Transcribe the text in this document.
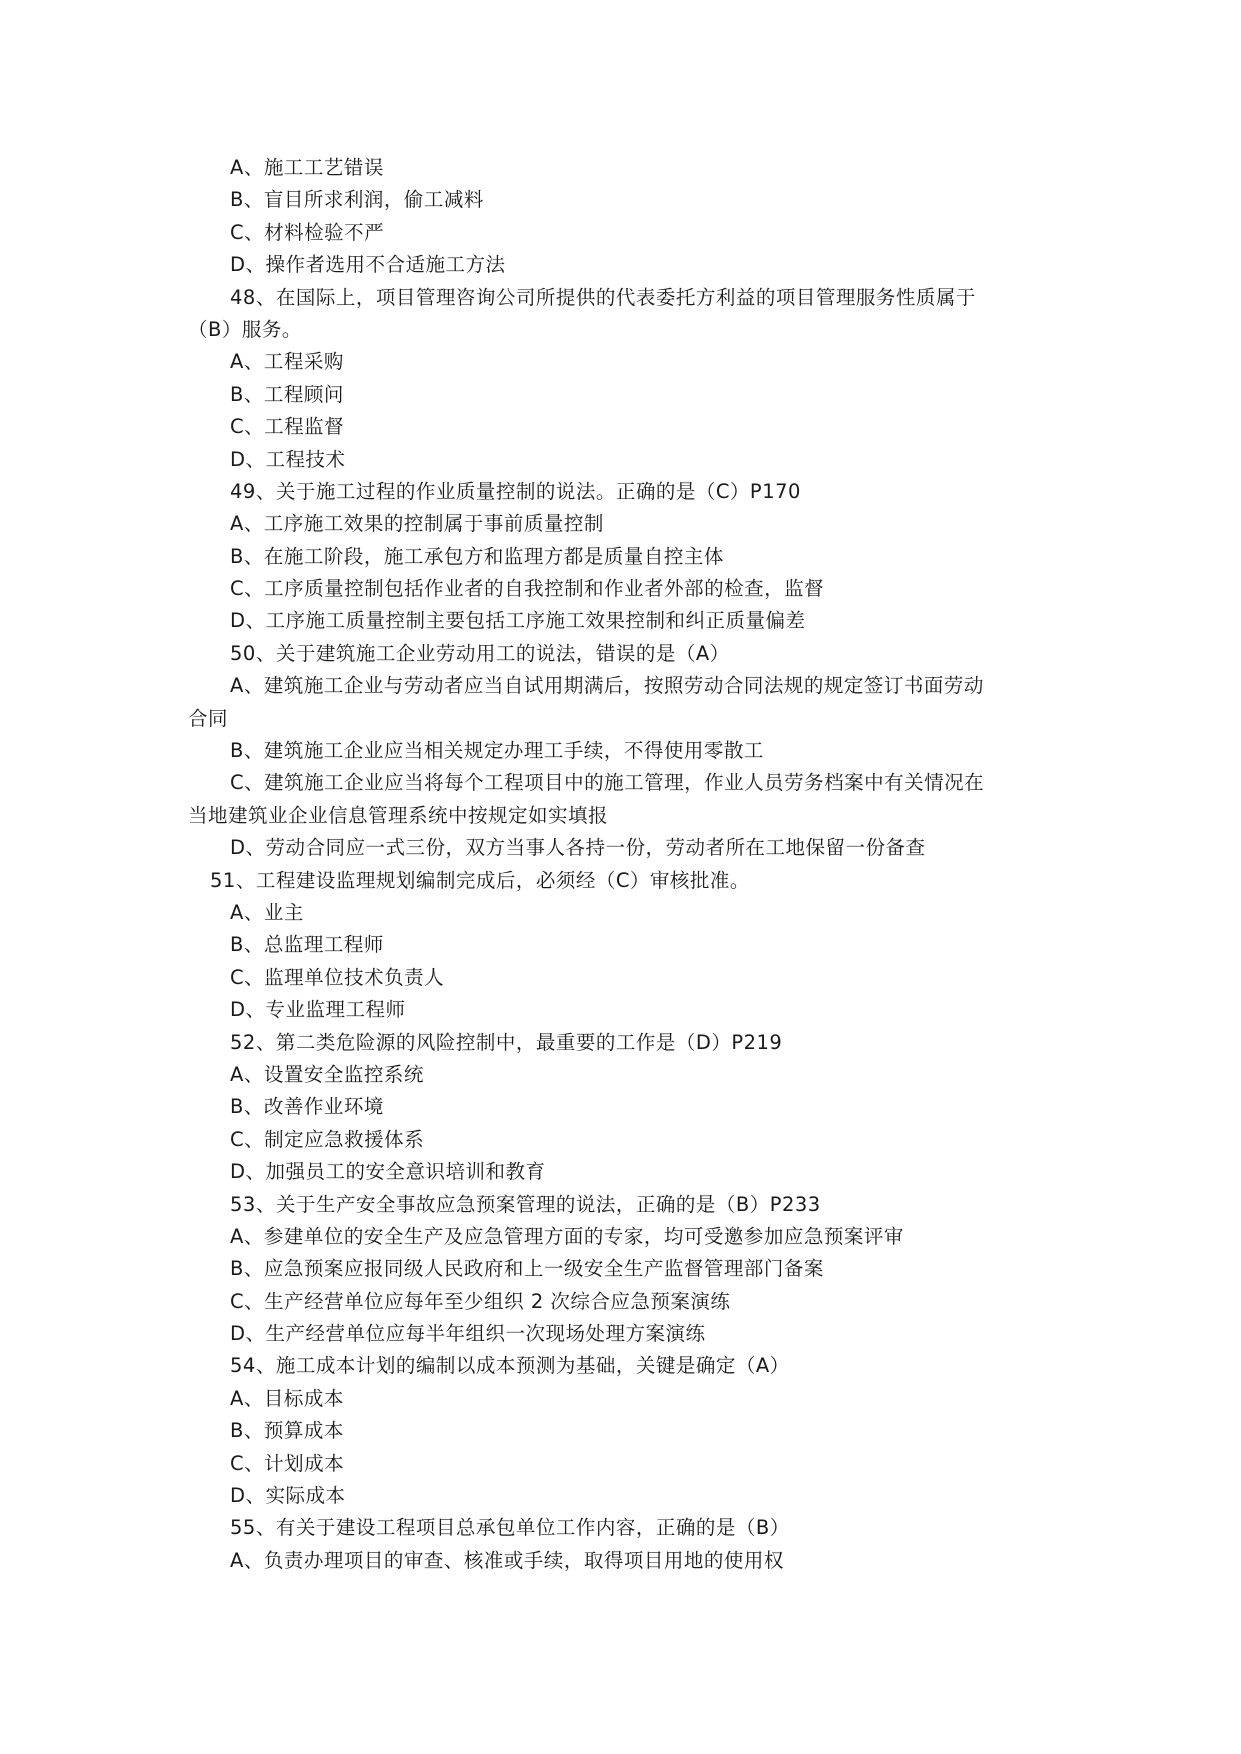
A、施工工艺错误
B、盲目所求利润，偷工减料
C、材料检验不严
D、操作者选用不合适施工方法
48、在国际上，项目管理咨询公司所提供的代表委托方利益的项目管理服务性质属于
（B）服务。
A、工程采购
B、工程顾问
C、工程监督
D、工程技术
49、关于施工过程的作业质量控制的说法。正确的是（C）P170
A、工序施工效果的控制属于事前质量控制
B、在施工阶段，施工承包方和监理方都是质量自控主体
C、工序质量控制包括作业者的自我控制和作业者外部的检查，监督
D、工序施工质量控制主要包括工序施工效果控制和纠正质量偏差
50、关于建筑施工企业劳动用工的说法，错误的是（A）
A、建筑施工企业与劳动者应当自试用期满后，按照劳动合同法规的规定签订书面劳动
合同
B、建筑施工企业应当相关规定办理工手续，不得使用零散工
C、建筑施工企业应当将每个工程项目中的施工管理，作业人员劳务档案中有关情况在
当地建筑业企业信息管理系统中按规定如实填报
D、劳动合同应一式三份，双方当事人各持一份，劳动者所在工地保留一份备查
51、工程建设监理规划编制完成后，必须经（C）审核批准。
A、业主
B、总监理工程师
C、监理单位技术负责人
D、专业监理工程师
52、第二类危险源的风险控制中，最重要的工作是（D）P219
A、设置安全监控系统
B、改善作业环境
C、制定应急救援体系
D、加强员工的安全意识培训和教育
53、关于生产安全事故应急预案管理的说法，正确的是（B）P233
A、参建单位的安全生产及应急管理方面的专家，均可受邀参加应急预案评审
B、应急预案应报同级人民政府和上一级安全生产监督管理部门备案
C、生产经营单位应每年至少组织 2 次综合应急预案演练
D、生产经营单位应每半年组织一次现场处理方案演练
54、施工成本计划的编制以成本预测为基础，关键是确定（A）
A、目标成本
B、预算成本
C、计划成本
D、实际成本
55、有关于建设工程项目总承包单位工作内容，正确的是（B）
A、负责办理项目的审查、核准或手续，取得项目用地的使用权
